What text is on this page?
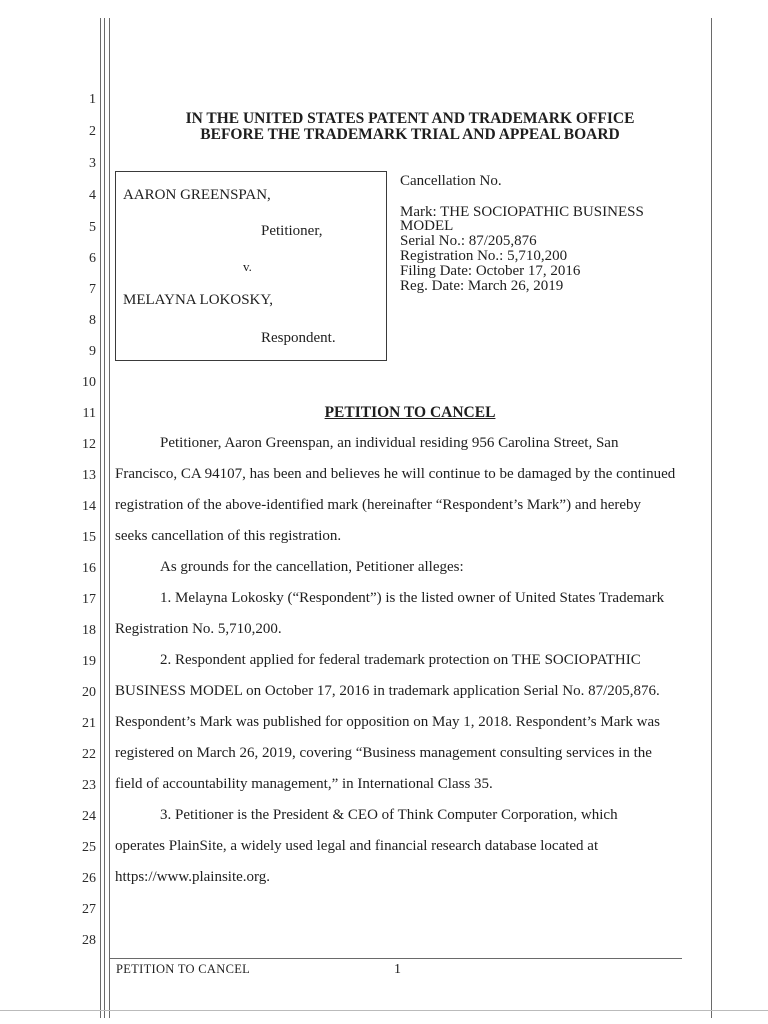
1
2
3
4
5
6
7
8
9
10
11
12
13
14
15
16
17
18
19
20
21
22
23
24
25
26
27
28
IN THE UNITED STATES PATENT AND TRADEMARK OFFICE
BEFORE THE TRADEMARK TRIAL AND APPEAL BOARD
AARON GREENSPAN,
Petitioner,
v.
MELAYNA LOKOSKY,
Respondent.
Cancellation No.
Mark: THE SOCIOPATHIC BUSINESS
MODEL
Serial No.: 87/205,876
Registration No.: 5,710,200
Filing Date: October 17, 2016
Reg. Date: March 26, 2019
PETITION TO CANCEL
Petitioner, Aaron Greenspan, an individual residing 956 Carolina Street, San
Francisco, CA 94107, has been and believes he will continue to be damaged by the continued
registration of the above-identified mark (hereinafter “Respondent’s Mark”) and hereby
seeks cancellation of this registration.
As grounds for the cancellation, Petitioner alleges:
1. Melayna Lokosky (“Respondent”) is the listed owner of United States Trademark
Registration No. 5,710,200.
2. Respondent applied for federal trademark protection on THE SOCIOPATHIC
BUSINESS MODEL on October 17, 2016 in trademark application Serial No. 87/205,876.
Respondent’s Mark was published for opposition on May 1, 2018. Respondent’s Mark was
registered on March 26, 2019, covering “Business management consulting services in the
field of accountability management,” in International Class 35.
3. Petitioner is the President & CEO of Think Computer Corporation, which
operates PlainSite, a widely used legal and financial research database located at
https://www.plainsite.org.
PETITION TO CANCEL	1
